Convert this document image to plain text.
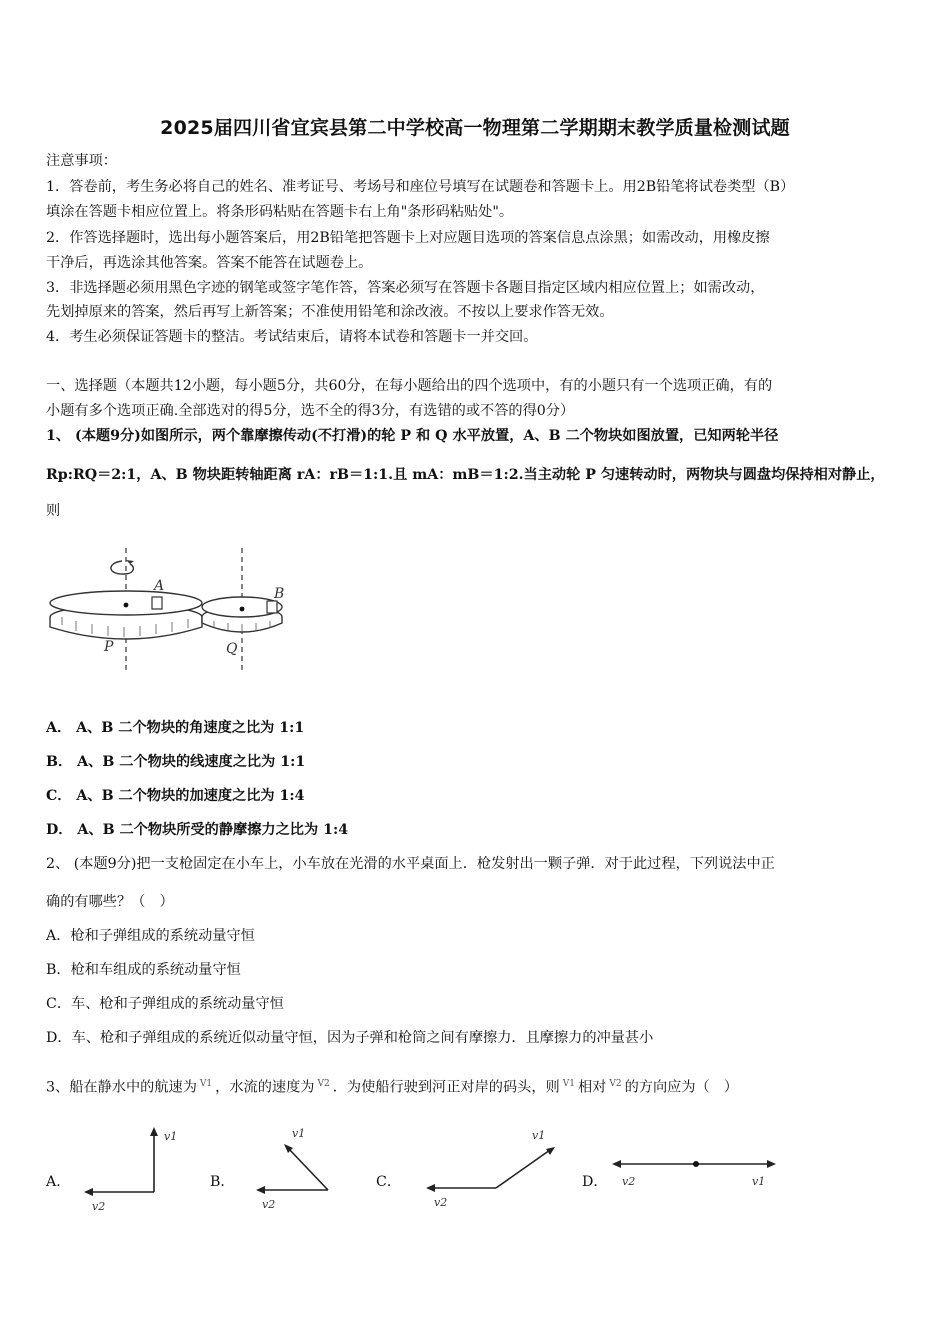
2025届四川省宜宾县第二中学校高一物理第二学期期末教学质量检测试题
注意事项：
1．答卷前，考生务必将自己的姓名、准考证号、考场号和座位号填写在试题卷和答题卡上。用2B铅笔将试卷类型（B）
填涂在答题卡相应位置上。将条形码粘贴在答题卡右上角"条形码粘贴处"。
2．作答选择题时，选出每小题答案后，用2B铅笔把答题卡上对应题目选项的答案信息点涂黑；如需改动，用橡皮擦
干净后，再选涂其他答案。答案不能答在试题卷上。
3．非选择题必须用黑色字迹的钢笔或签字笔作答，答案必须写在答题卡各题目指定区域内相应位置上；如需改动，
先划掉原来的答案，然后再写上新答案；不准使用铅笔和涂改液。不按以上要求作答无效。
4．考生必须保证答题卡的整洁。考试结束后，请将本试卷和答题卡一并交回。
一、选择题（本题共12小题，每小题5分，共60分，在每小题给出的四个选项中，有的小题只有一个选项正确，有的
小题有多个选项正确.全部选对的得5分，选不全的得3分，有选错的或不答的得0分）
1、 (本题9分)如图所示，两个靠摩擦传动(不打滑)的轮 P 和 Q 水平放置，A、B 二个物块如图放置，已知两轮半径
Rp:RQ＝2:1，A、B 物块距转轴距离 rA：rB＝1:1.且 mA：mB＝1:2.当主动轮 P 匀速转动时，两物块与圆盘均保持相对静止，
则
A	B
P	Q
A． A、B 二个物块的角速度之比为 1:1
B． A、B 二个物块的线速度之比为 1:1
C． A、B 二个物块的加速度之比为 1:4
D． A、B 二个物块所受的静摩擦力之比为 1:4
2、 (本题9分)把一支枪固定在小车上，小车放在光滑的水平桌面上．枪发射出一颗子弹．对于此过程，下列说法中正
确的有哪些？（　）
A．枪和子弹组成的系统动量守恒
B．枪和车组成的系统动量守恒
C．车、枪和子弹组成的系统动量守恒
D．车、枪和子弹组成的系统近似动量守恒，因为子弹和枪筒之间有摩擦力．且摩擦力的冲量甚小
3、船在静水中的航速为 $^{V1}$ ，水流的速度为 $^{V2}$ ．为使船行驶到河正对岸的码头，则 $^{V1}$ 相对 $^{V2}$ 的方向应为（　）
A．
v1
v2
B．
v1
v2
C．
v1
v2
D． v2	v1
